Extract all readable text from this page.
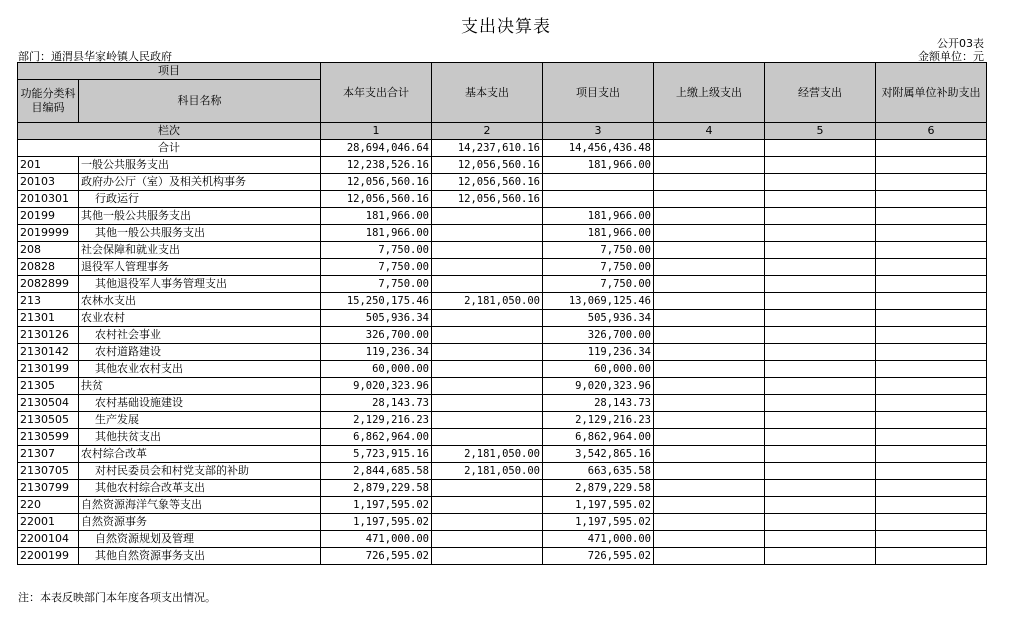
支出决算表
公开03表
部门：通渭县华家岭镇人民政府	金额单位：元
项目		本年支出合计	基本支出	项目支出	上缴上级支出	经营支出	对附属单位补助支出
功能分类科目编码	科目名称						
栏次		1	2	3	4	5	6
合计		28,694,046.64	14,237,610.16	14,456,436.48			
201	一般公共服务支出	12,238,526.16	12,056,560.16	181,966.00			
20103	政府办公厅（室）及相关机构事务	12,056,560.16	12,056,560.16				
2010301	行政运行	12,056,560.16	12,056,560.16				
20199	其他一般公共服务支出	181,966.00		181,966.00			
2019999	其他一般公共服务支出	181,966.00		181,966.00			
208	社会保障和就业支出	7,750.00		7,750.00			
20828	退役军人管理事务	7,750.00		7,750.00			
2082899	其他退役军人事务管理支出	7,750.00		7,750.00			
213	农林水支出	15,250,175.46	2,181,050.00	13,069,125.46			
21301	农业农村	505,936.34		505,936.34			
2130126	农村社会事业	326,700.00		326,700.00			
2130142	农村道路建设	119,236.34		119,236.34			
2130199	其他农业农村支出	60,000.00		60,000.00			
21305	扶贫	9,020,323.96		9,020,323.96			
2130504	农村基础设施建设	28,143.73		28,143.73			
2130505	生产发展	2,129,216.23		2,129,216.23			
2130599	其他扶贫支出	6,862,964.00		6,862,964.00			
21307	农村综合改革	5,723,915.16	2,181,050.00	3,542,865.16			
2130705	对村民委员会和村党支部的补助	2,844,685.58	2,181,050.00	663,635.58			
2130799	其他农村综合改革支出	2,879,229.58		2,879,229.58			
220	自然资源海洋气象等支出	1,197,595.02		1,197,595.02			
22001	自然资源事务	1,197,595.02		1,197,595.02			
2200104	自然资源规划及管理	471,000.00		471,000.00			
2200199	其他自然资源事务支出	726,595.02		726,595.02			
注：本表反映部门本年度各项支出情况。
